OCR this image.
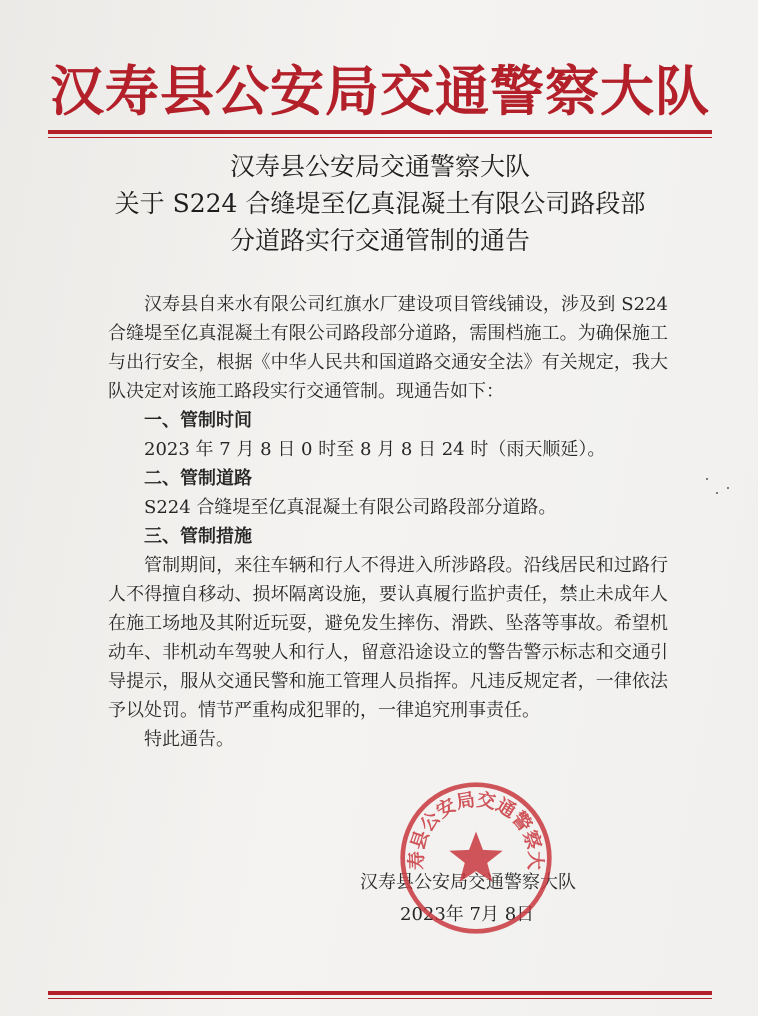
汉寿县公安局交通警察大队
汉寿县公安局交通警察大队
关于 S224 合缝堤至亿真混凝土有限公司路段部
分道路实行交通管制的通告

汉寿县自来水有限公司红旗水厂建设项目管线铺设，涉及到 S224 合缝堤至亿真混凝土有限公司路段部分道路，需围档施工。为确保施工与出行安全，根据《中华人民共和国道路交通安全法》有关规定，我大队决定对该施工路段实行交通管制。现通告如下：

一、管制时间

2023 年 7 月 8 日 0 时至 8 月 8 日 24 时（雨天顺延）。

二、管制道路

S224 合缝堤至亿真混凝土有限公司路段部分道路。

三、管制措施

管制期间，来往车辆和行人不得进入所涉路段。沿线居民和过路行人不得擅自移动、损坏隔离设施，要认真履行监护责任，禁止未成年人在施工场地及其附近玩耍，避免发生摔伤、滑跌、坠落等事故。希望机动车、非机动车驾驶人和行人，留意沿途设立的警告警示标志和交通引导提示，服从交通民警和施工管理人员指挥。凡违反规定者，一律依法予以处罚。情节严重构成犯罪的，一律追究刑事责任。

特此通告。

汉寿县公安局交通警察大队
2023年 7月 8日
汉寿县公安局交通警察大队
